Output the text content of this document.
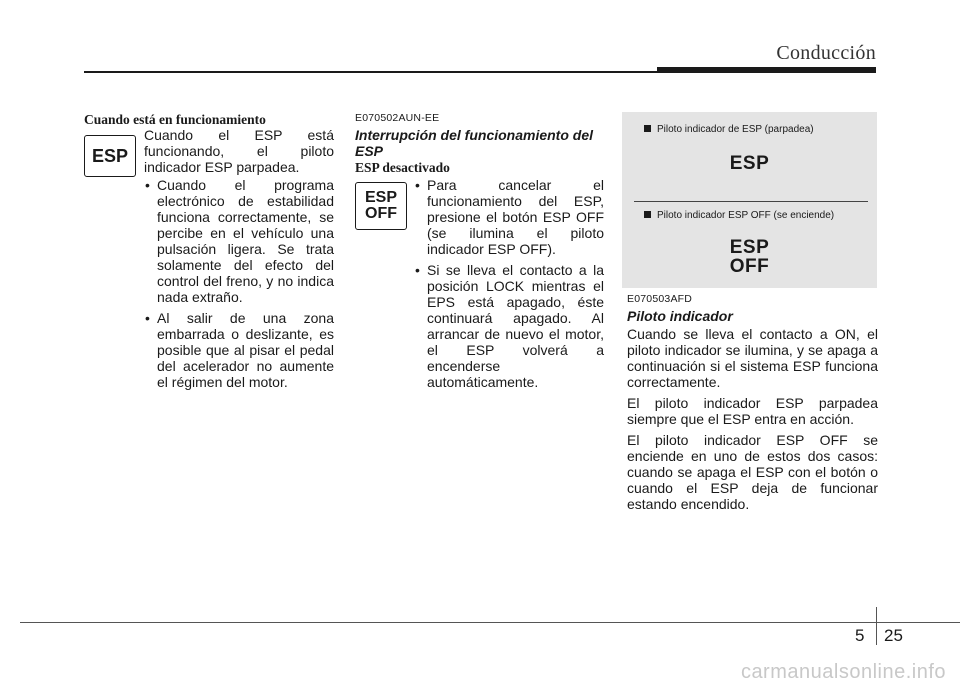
Conducción
Cuando está en funcionamiento
ESP
Cuando el ESP está funcionando, el piloto indicador ESP parpadea.
• Cuando el programa electrónico de estabilidad funciona correctamente, se percibe en el vehículo una pulsación ligera. Se trata solamente del efecto del control del freno, y no indica nada extraño.
• Al salir de una zona embarrada o deslizante, es posible que al pisar el pedal del acelerador no aumente el régimen del motor.
E070502AUN-EE
Interrupción del funcionamiento del ESP
ESP desactivado
ESP
OFF
• Para cancelar el funcionamiento del ESP, presione el botón ESP OFF (se ilumina el piloto indicador ESP OFF).
• Si se lleva el contacto a la posición LOCK mientras el EPS está apagado, éste continuará apagado. Al arrancar de nuevo el motor, el ESP volverá a encenderse automáticamente.
Piloto indicador de ESP (parpadea)
ESP
Piloto indicador ESP OFF (se enciende)
ESP
OFF
E070503AFD
Piloto indicador
Cuando se lleva el contacto a ON, el piloto indicador se ilumina, y se apaga a continuación si el sistema ESP funciona correctamente.
El piloto indicador ESP parpadea siempre que el ESP entra en acción.
El piloto indicador ESP OFF se enciende en uno de estos dos casos: cuando se apaga el ESP con el botón o cuando el ESP deja de funcionar estando encendido.
5 25
carmanualsonline.info
